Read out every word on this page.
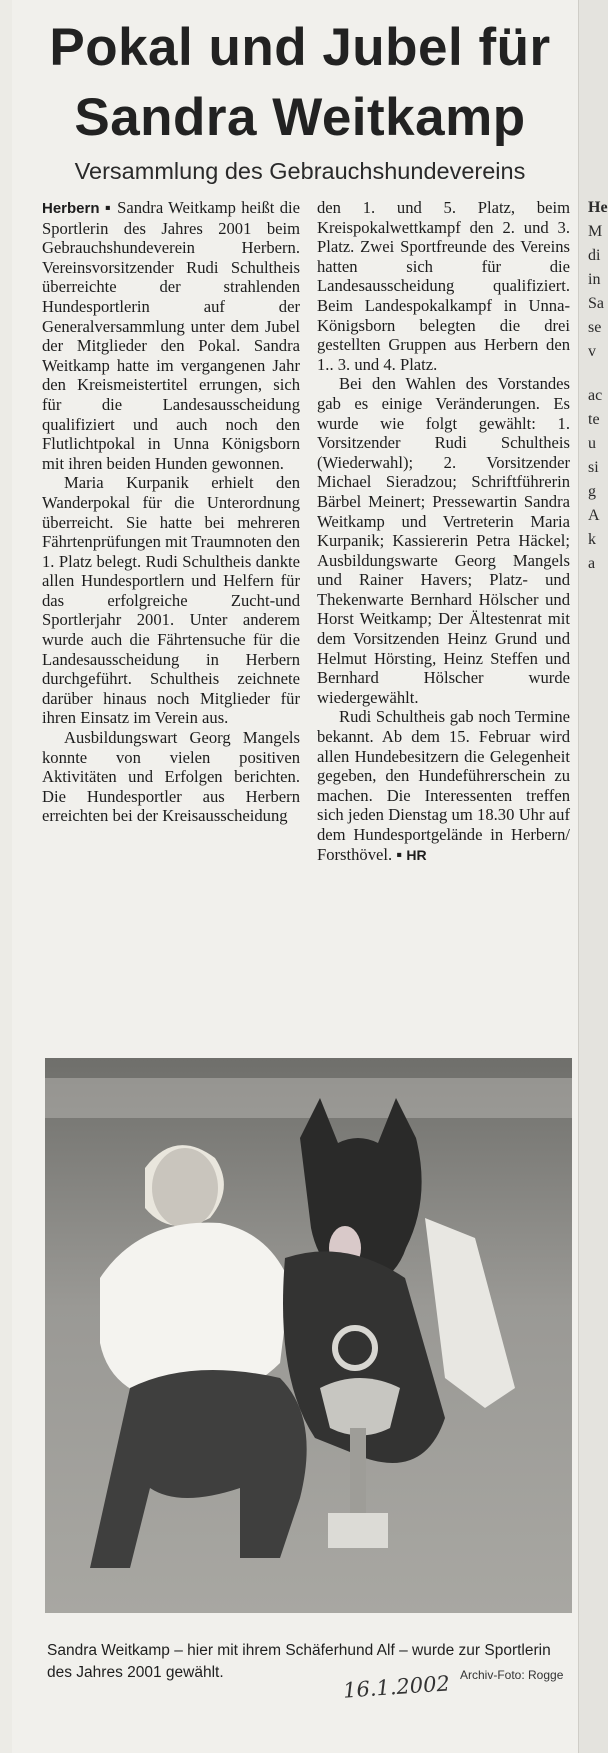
Pokal und Jubel für
Sandra Weitkamp
Versammlung des Gebrauchshundevereins

Herbern ▪ Sandra Weitkamp heißt die Sportlerin des Jahres 2001 beim Gebrauchshundeverein Herbern. Vereinsvorsitzender Rudi Schultheis überreichte der strahlenden Hundesportlerin auf der Generalversammlung unter dem Jubel der Mitglieder den Pokal. Sandra Weitkamp hatte im vergangenen Jahr den Kreismeistertitel errungen, sich für die Landesausscheidung qualifiziert und auch noch den Flutlichtpokal in Unna Königsborn mit ihren beiden Hunden gewonnen.

Maria Kurpanik erhielt den Wanderpokal für die Unterordnung überreicht. Sie hatte bei mehreren Fährtenprüfungen mit Traumnoten den 1. Platz belegt. Rudi Schultheis dankte allen Hundesportlern und Helfern für das erfolgreiche Zucht-und Sportlerjahr 2001. Unter anderem wurde auch die Fährtensuche für die Landesausscheidung in Herbern durchgeführt. Schultheis zeichnete darüber hinaus noch Mitglieder für ihren Einsatz im Verein aus.

Ausbildungswart Georg Mangels konnte von vielen positiven Aktivitäten und Erfolgen berichten. Die Hundesportler aus Herbern erreichten bei der Kreisausscheidung

den 1. und 5. Platz, beim Kreispokalwettkampf den 2. und 3. Platz. Zwei Sportfreunde des Vereins hatten sich für die Landesausscheidung qualifiziert. Beim Landespokalkampf in Unna-Königsborn belegten die drei gestellten Gruppen aus Herbern den 1.. 3. und 4. Platz.

Bei den Wahlen des Vorstandes gab es einige Veränderungen. Es wurde wie folgt gewählt: 1. Vorsitzender Rudi Schultheis (Wiederwahl); 2. Vorsitzender Michael Sieradzou; Schriftführerin Bärbel Meinert; Pressewartin Sandra Weitkamp und Vertreterin Maria Kurpanik; Kassiererin Petra Häckel; Ausbildungswarte Georg Mangels und Rainer Havers; Platz- und Thekenwarte Bernhard Hölscher und Horst Weitkamp; Der Ältestenrat mit dem Vorsitzenden Heinz Grund und Helmut Hörsting, Heinz Steffen und Bernhard Hölscher wurde wiedergewählt.

Rudi Schultheis gab noch Termine bekannt. Ab dem 15. Februar wird allen Hundebesitzern die Gelegenheit gegeben, den Hundeführerschein zu machen. Die Interessenten treffen sich jeden Dienstag um 18.30 Uhr auf dem Hundesportgelände in Herbern/ Forsthövel. ▪ HR

Sandra Weitkamp – hier mit ihrem Schäferhund Alf – wurde zur Sportlerin des Jahres 2001 gewählt.	16.1.2002 Archiv-Foto: Rogge
He
M
di
in
Sa
se
v
ac
te
u
si
g
A
k
a
